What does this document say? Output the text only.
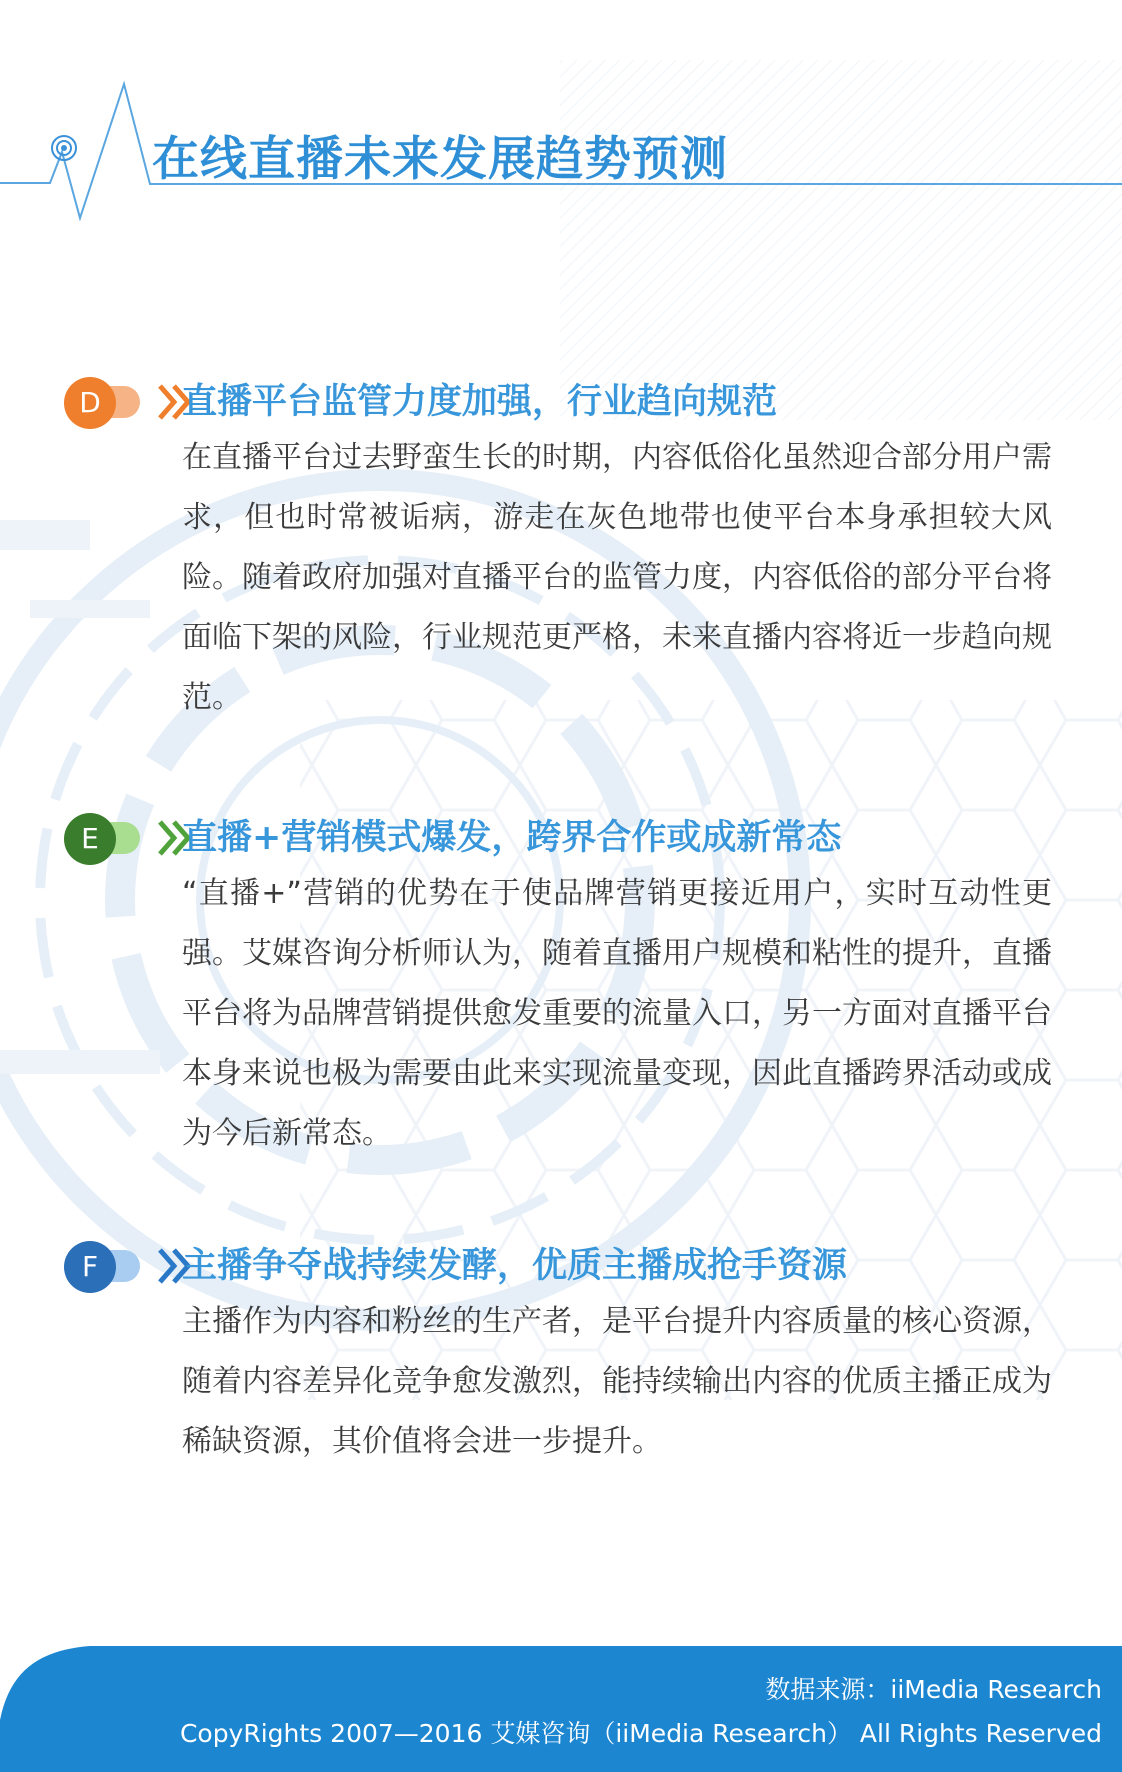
在线直播未来发展趋势预测
D	直播平台监管力度加强，行业趋向规范
在直播平台过去野蛮生长的时期，内容低俗化虽然迎合部分用户需求，但也时常被诟病，游走在灰色地带也使平台本身承担较大风险。随着政府加强对直播平台的监管力度，内容低俗的部分平台将面临下架的风险，行业规范更严格，未来直播内容将近一步趋向规范。
E	直播+营销模式爆发，跨界合作或成新常态
“直播+”营销的优势在于使品牌营销更接近用户，实时互动性更强。艾媒咨询分析师认为，随着直播用户规模和粘性的提升，直播平台将为品牌营销提供愈发重要的流量入口，另一方面对直播平台本身来说也极为需要由此来实现流量变现，因此直播跨界活动或成为今后新常态。
F	主播争夺战持续发酵，优质主播成抢手资源
主播作为内容和粉丝的生产者，是平台提升内容质量的核心资源，随着内容差异化竞争愈发激烈，能持续输出内容的优质主播正成为稀缺资源，其价值将会进一步提升。
数据来源：iiMedia Research
CopyRights 2007—2016 艾媒咨询（iiMedia Research） All Rights Reserved
